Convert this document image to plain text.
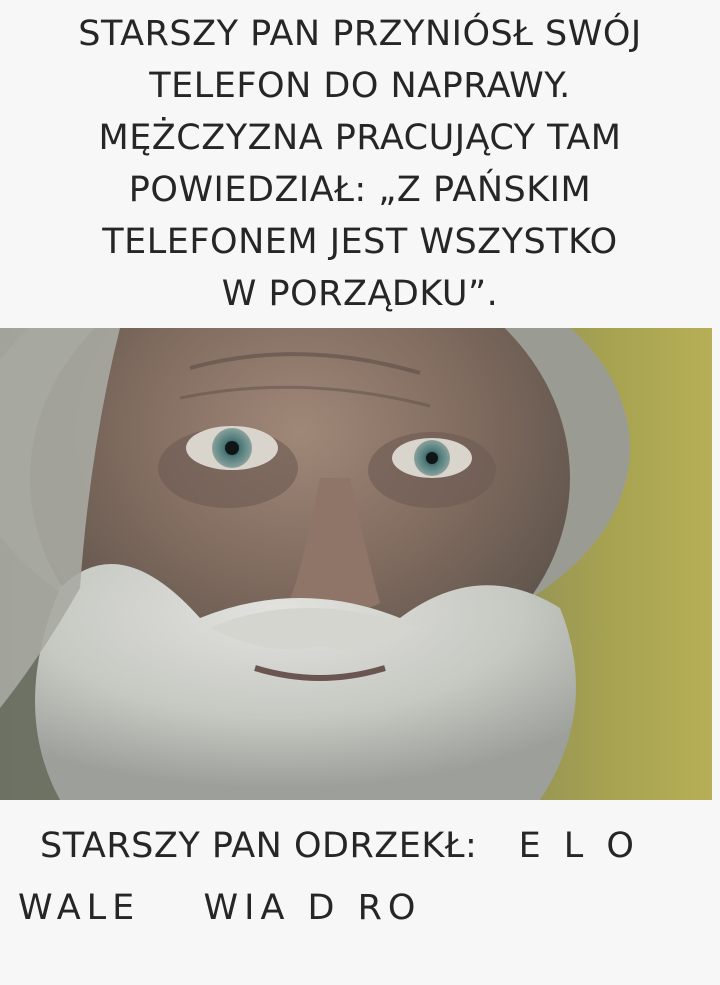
STARSZY PAN PRZYNIÓSŁ SWÓJ
TELEFON DO NAPRAWY.
MĘŻCZYZNA PRACUJĄCY TAM
POWIEDZIAŁ: „Z PAŃSKIM
TELEFONEM JEST WSZYSTKO
W PORZĄDKU”.
STARSZY PAN ODRZEKŁ: E L O
WALE WIA D RO
